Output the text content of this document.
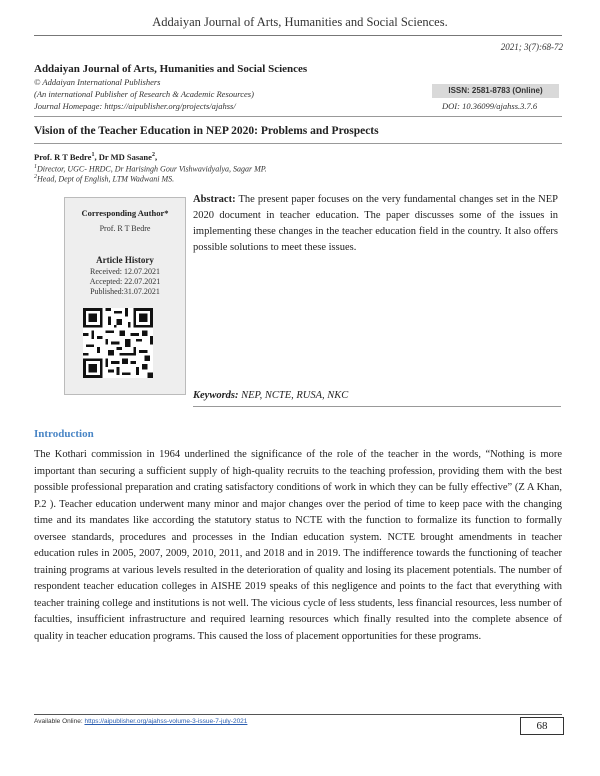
Addaiyan Journal of Arts, Humanities and Social Sciences.
2021; 3(7):68-72
Addaiyan Journal of Arts, Humanities and Social Sciences
© Addaiyan International Publishers
(An international Publisher of Research & Academic Resources)
Journal Homepage: https://aipublisher.org/projects/ajahss/
ISSN: 2581-8783 (Online)
DOI: 10.36099/ajahss.3.7.6
Vision of the Teacher Education in NEP 2020: Problems and Prospects
Prof. R T Bedre$^1$, Dr MD Sasane$^2$,
$^1$Director, UGC- HRDC, Dr Harisingh Gour Vishwavidyalya, Sagar MP.
$^2$Head, Dept of English, LTM Wadwani MS.
Corresponding Author*
Prof. R T Bedre
Article History
Received: 12.07.2021
Accepted: 22.07.2021
Published:31.07.2021
Abstract: The present paper focuses on the very fundamental changes set in the NEP 2020 document in teacher education. The paper discusses some of the issues in implementing these changes in the teacher education field in the country. It also offers possible solutions to meet these issues.
Keywords: NEP, NCTE, RUSA, NKC
Introduction
The Kothari commission in 1964 underlined the significance of the role of the teacher in the words, “Nothing is more important than securing a sufficient supply of high-quality recruits to the teaching profession, providing them with the best possible professional preparation and crating satisfactory conditions of work in which they can be fully effective” (Z A Khan, P.2 ). Teacher education underwent many minor and major changes over the period of time to keep pace with the changing time and its mandates like according the statutory status to NCTE with the function to formalize its function to formally oversee standards, procedures and processes in the Indian education system. NCTE brought amendments in teacher education rules in 2005, 2007, 2009, 2010, 2011, and 2018 and in 2019. The indifference towards the functioning of teacher training programs at various levels resulted in the deterioration of quality and losing its placement potentials. The number of respondent teacher education colleges in AISHE 2019 speaks of this negligence and points to the fact that everything with teacher training college and institutions is not well. The vicious cycle of less students, less financial resources, less number of faculties, insufficient infrastructure and required learning resources which finally resulted into the complete absence of quality in teacher education programs. This caused the loss of placement opportunities for these programs.
Available Online: https://aipublisher.org/ajahss-volume-3-issue-7-july-2021	68
